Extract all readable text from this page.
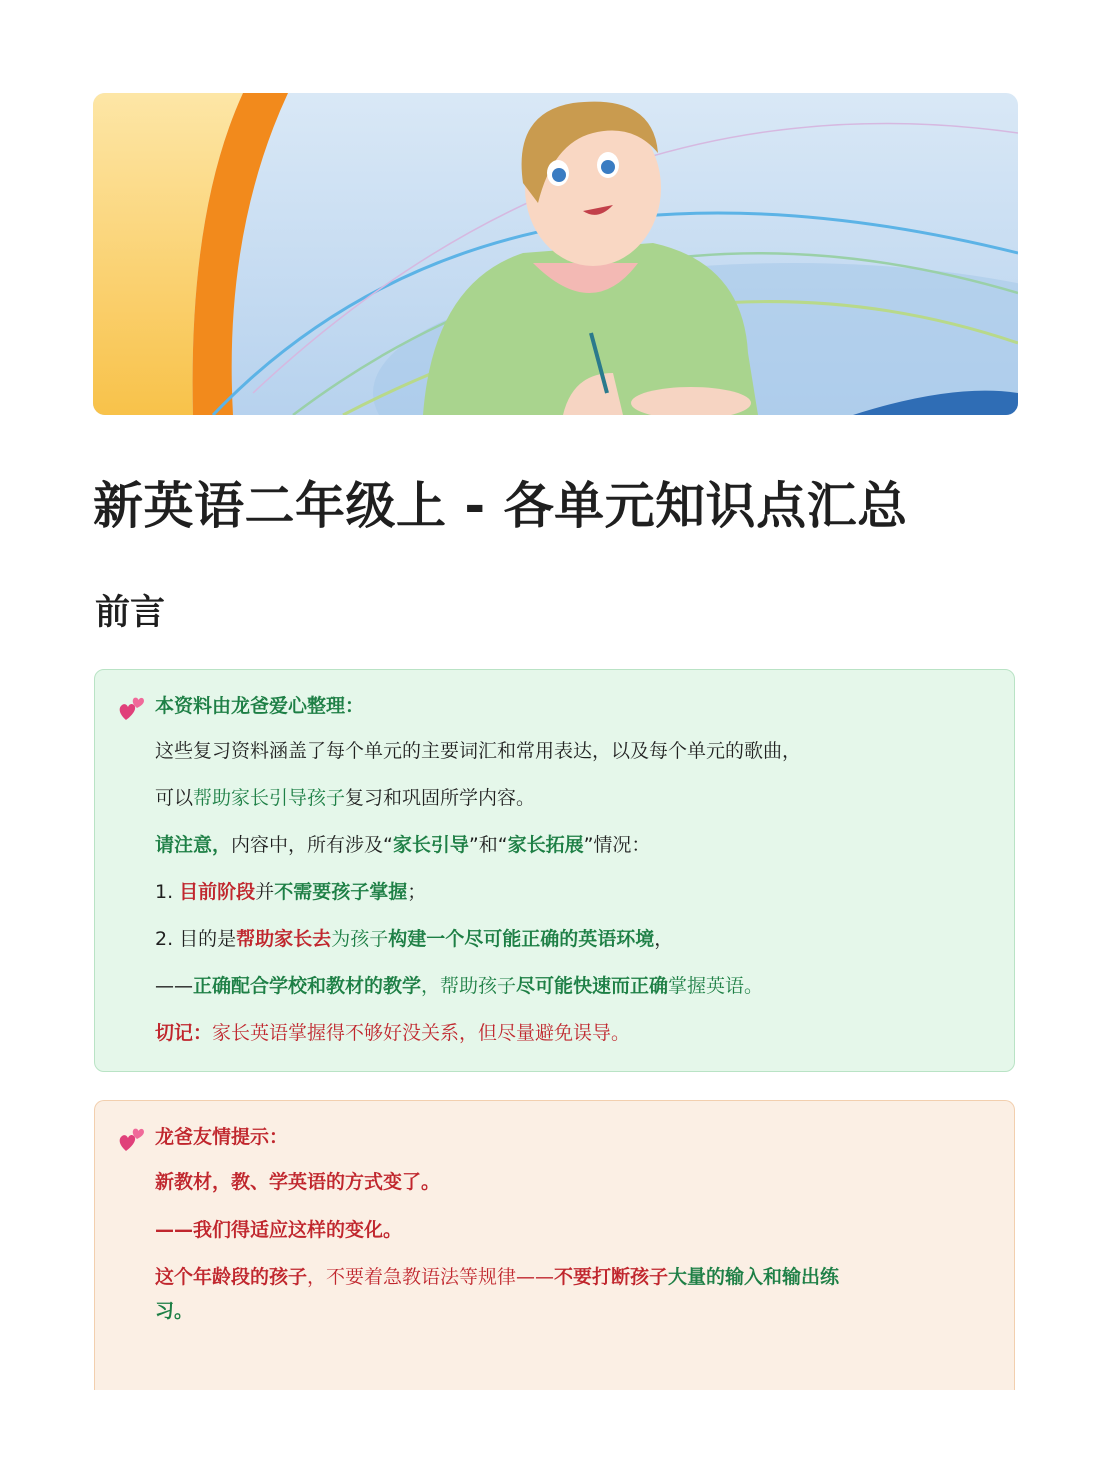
新英语二年级上 - 各单元知识点汇总
前言

本资料由龙爸爱心整理：

这些复习资料涵盖了每个单元的主要词汇和常用表达，以及每个单元的歌曲，

可以帮助家长引导孩子复习和巩固所学内容。

请注意，内容中，所有涉及“家长引导”和“家长拓展”情况：

1. 目前阶段并不需要孩子掌握；

2. 目的是帮助家长去为孩子构建一个尽可能正确的英语环境，

——正确配合学校和教材的教学，帮助孩子尽可能快速而正确掌握英语。

切记：家长英语掌握得不够好没关系，但尽量避免误导。

龙爸友情提示：

新教材，教、学英语的方式变了。

——我们得适应这样的变化。

这个年龄段的孩子，不要着急教语法等规律——不要打断孩子大量的输入和输出练
习。
